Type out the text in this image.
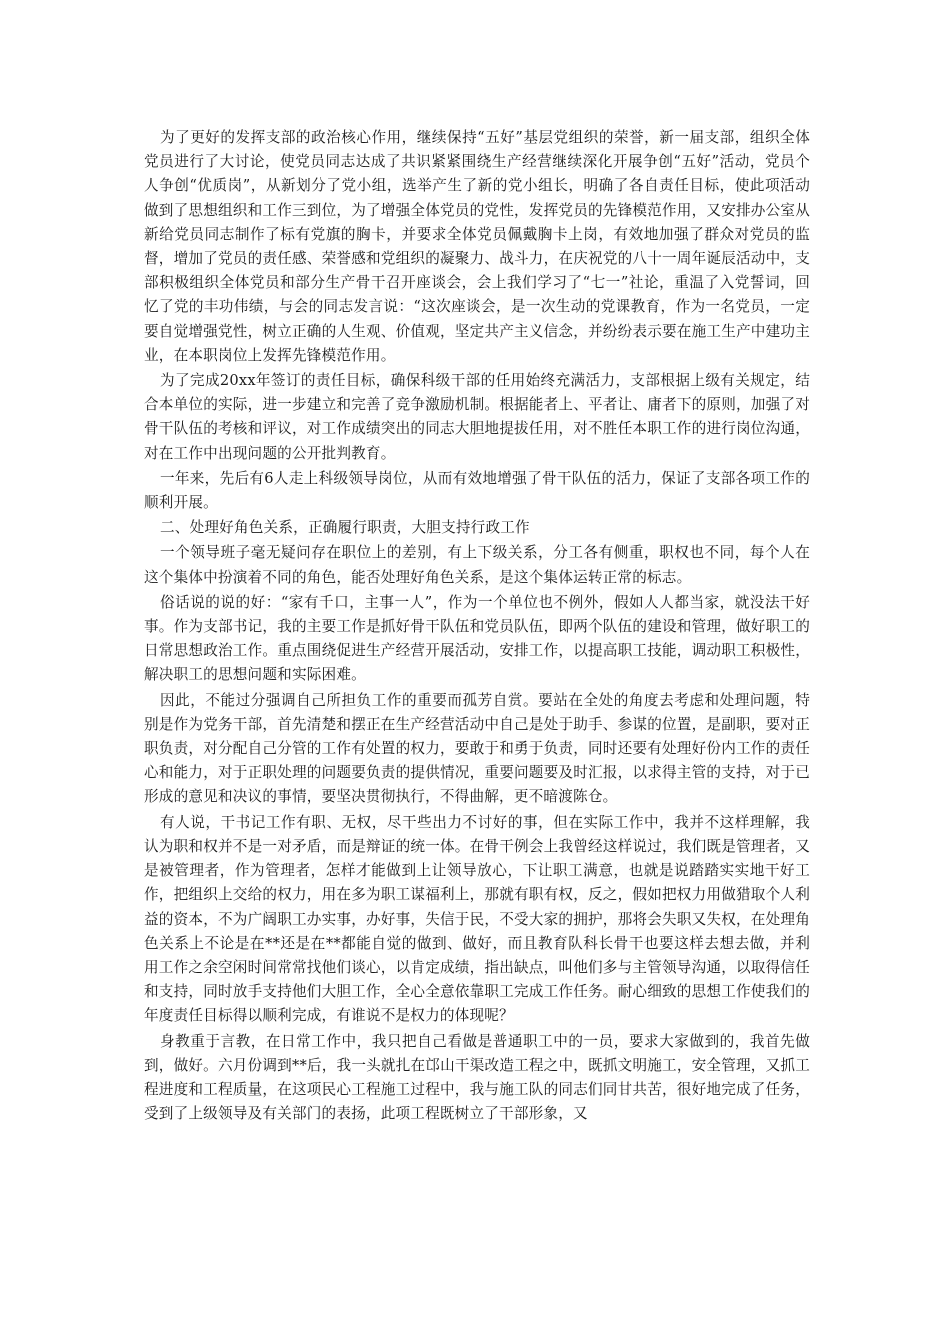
为了更好的发挥支部的政治核心作用，继续保持“五好”基层党组织的荣誉，新一届支部，组织全体党员进行了大讨论，使党员同志达成了共识紧紧围绕生产经营继续深化开展争创“五好”活动，党员个人争创“优质岗”，从新划分了党小组，选举产生了新的党小组长，明确了各自责任目标，使此项活动做到了思想组织和工作三到位，为了增强全体党员的党性，发挥党员的先锋模范作用，又安排办公室从新给党员同志制作了标有党旗的胸卡，并要求全体党员佩戴胸卡上岗，有效地加强了群众对党员的监督，增加了党员的责任感、荣誉感和党组织的凝聚力、战斗力，在庆祝党的八十一周年诞辰活动中，支部积极组织全体党员和部分生产骨干召开座谈会，会上我们学习了“七一”社论，重温了入党誓词，回忆了党的丰功伟绩，与会的同志发言说：“这次座谈会，是一次生动的党课教育，作为一名党员，一定要自觉增强党性，树立正确的人生观、价值观，坚定共产主义信念，并纷纷表示要在施工生产中建功主业，在本职岗位上发挥先锋模范作用。

为了完成20xx年签订的责任目标，确保科级干部的任用始终充满活力，支部根据上级有关规定，结合本单位的实际，进一步建立和完善了竞争激励机制。根据能者上、平者让、庸者下的原则，加强了对骨干队伍的考核和评议，对工作成绩突出的同志大胆地提拔任用，对不胜任本职工作的进行岗位沟通，对在工作中出现问题的公开批判教育。

一年来，先后有6人走上科级领导岗位，从而有效地增强了骨干队伍的活力，保证了支部各项工作的顺利开展。

二、处理好角色关系，正确履行职责，大胆支持行政工作

一个领导班子毫无疑问存在职位上的差别，有上下级关系，分工各有侧重，职权也不同，每个人在这个集体中扮演着不同的角色，能否处理好角色关系，是这个集体运转正常的标志。

俗话说的说的好：“家有千口，主事一人”，作为一个单位也不例外，假如人人都当家，就没法干好事。作为支部书记，我的主要工作是抓好骨干队伍和党员队伍，即两个队伍的建设和管理，做好职工的日常思想政治工作。重点围绕促进生产经营开展活动，安排工作，以提高职工技能，调动职工积极性，解决职工的思想问题和实际困难。

因此，不能过分强调自己所担负工作的重要而孤芳自赏。要站在全处的角度去考虑和处理问题，特别是作为党务干部，首先清楚和摆正在生产经营活动中自己是处于助手、参谋的位置，是副职，要对正职负责，对分配自己分管的工作有处置的权力，要敢于和勇于负责，同时还要有处理好份内工作的责任心和能力，对于正职处理的问题要负责的提供情况，重要问题要及时汇报，以求得主管的支持，对于已形成的意见和决议的事情，要坚决贯彻执行，不得曲解，更不暗渡陈仓。

有人说，干书记工作有职、无权，尽干些出力不讨好的事，但在实际工作中，我并不这样理解，我认为职和权并不是一对矛盾，而是辩证的统一体。在骨干例会上我曾经这样说过，我们既是管理者，又是被管理者，作为管理者，怎样才能做到上让领导放心，下让职工满意，也就是说踏踏实实地干好工作，把组织上交给的权力，用在多为职工谋福利上，那就有职有权，反之，假如把权力用做猎取个人利益的资本，不为广阔职工办实事，办好事，失信于民，不受大家的拥护，那将会失职又失权，在处理角色关系上不论是在**还是在**都能自觉的做到、做好，而且教育队科长骨干也要这样去想去做，并利用工作之余空闲时间常常找他们谈心，以肯定成绩，指出缺点，叫他们多与主管领导沟通，以取得信任和支持，同时放手支持他们大胆工作，全心全意依靠职工完成工作任务。耐心细致的思想工作使我们的年度责任目标得以顺利完成，有谁说不是权力的体现呢？

身教重于言教，在日常工作中，我只把自己看做是普通职工中的一员，要求大家做到的，我首先做到，做好。六月份调到**后，我一头就扎在邙山干渠改造工程之中，既抓文明施工，安全管理，又抓工程进度和工程质量，在这项民心工程施工过程中，我与施工队的同志们同甘共苦，很好地完成了任务，受到了上级领导及有关部门的表扬，此项工程既树立了干部形象，又
